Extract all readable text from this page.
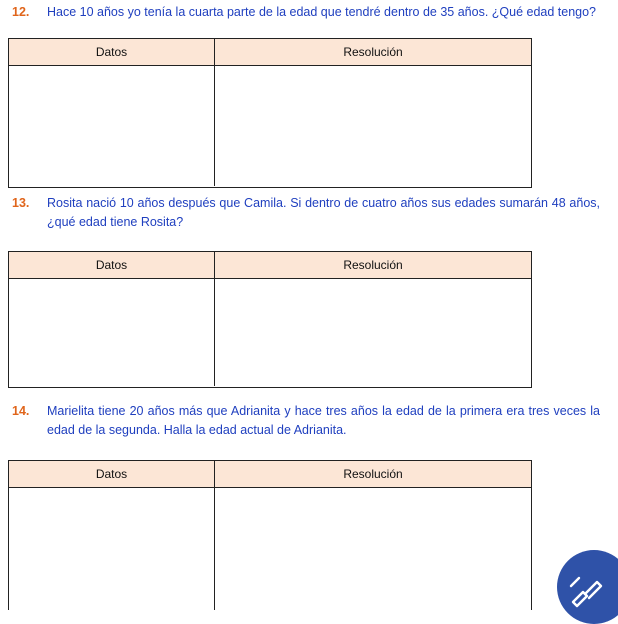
12. Hace 10 años yo tenía la cuarta parte de la edad que tendré dentro de 35 años. ¿Qué edad tengo?
Datos	Resolución
13. Rosita nació 10 años después que Camila. Si dentro de cuatro años sus edades sumarán 48 años, ¿qué edad tiene Rosita?
Datos	Resolución
14. Marielita tiene 20 años más que Adrianita y hace tres años la edad de la primera era tres veces la edad de la segunda. Halla la edad actual de Adrianita.
Datos	Resolución
